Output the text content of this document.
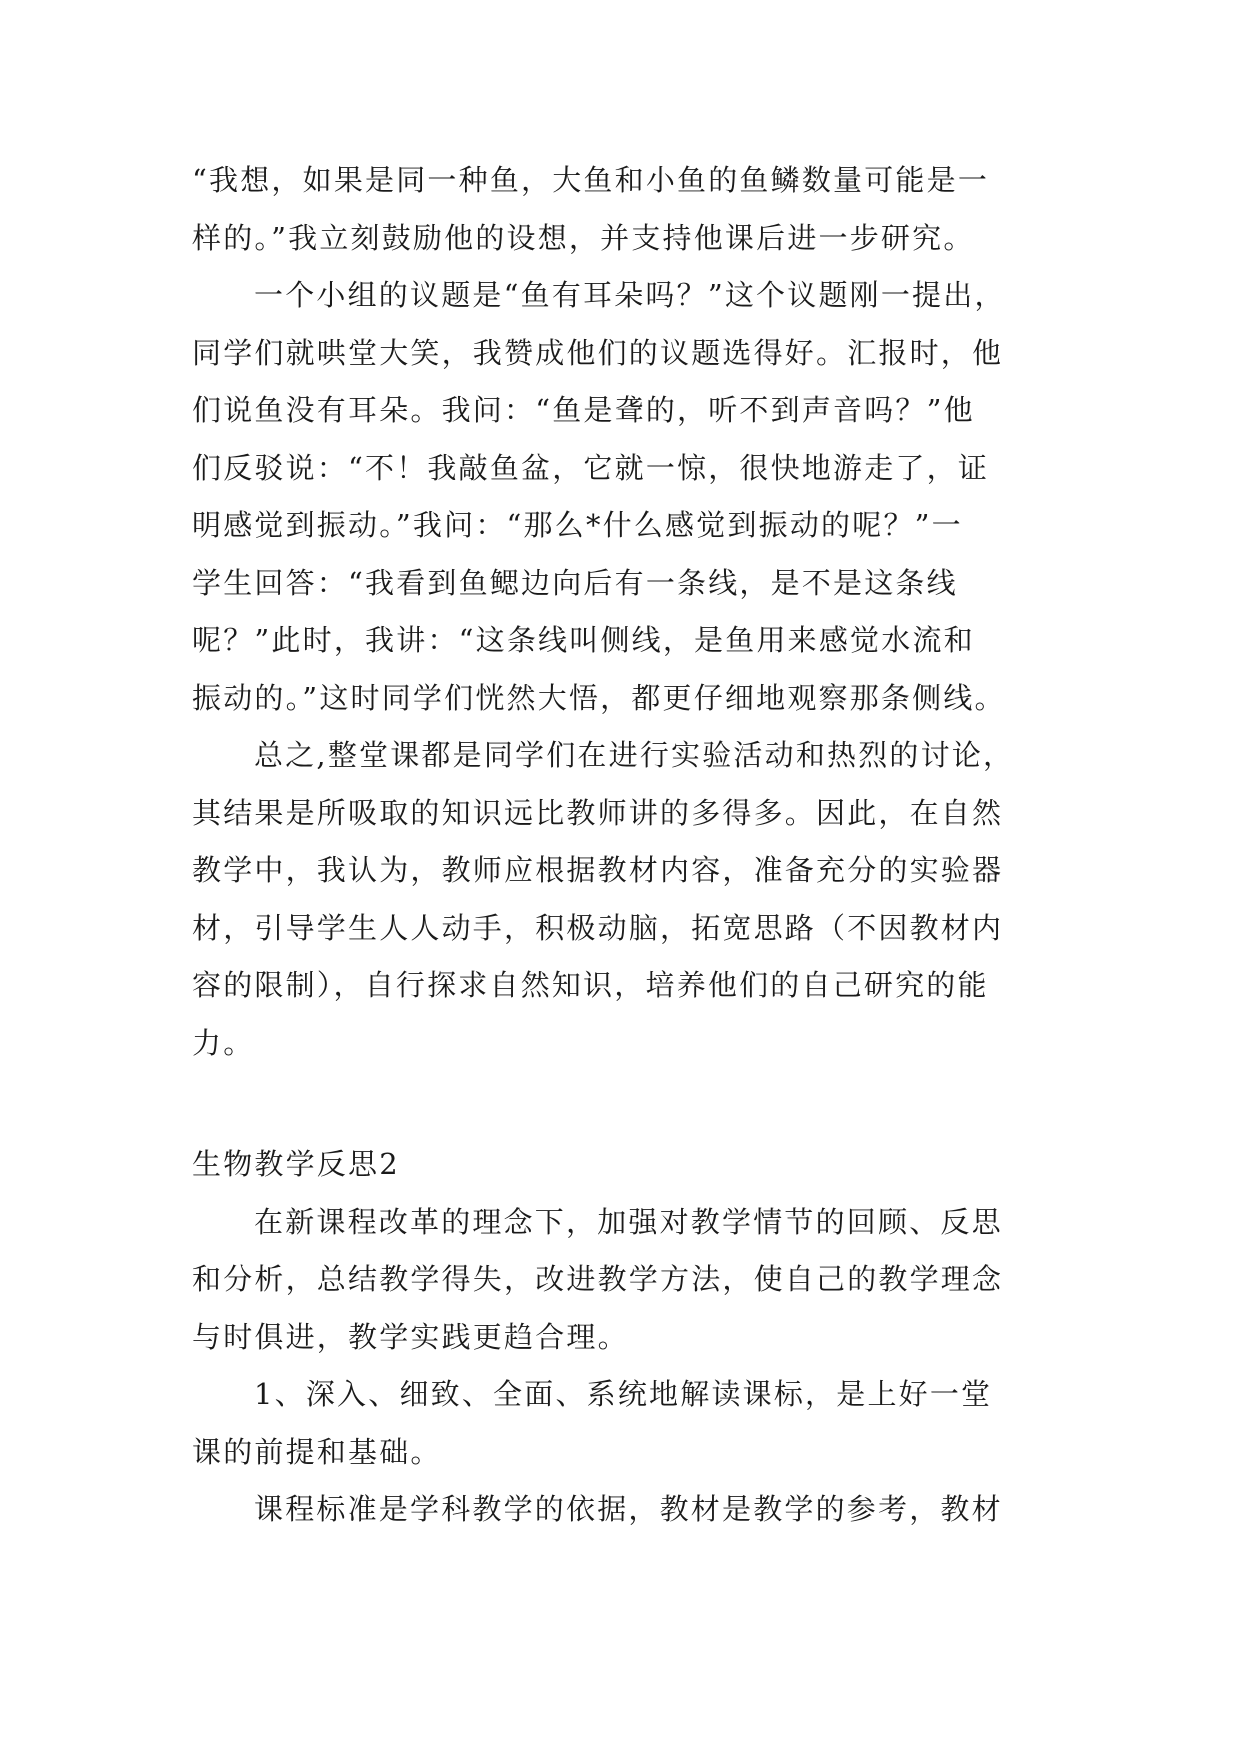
“我想，如果是同一种鱼，大鱼和小鱼的鱼鳞数量可能是一
样的。”我立刻鼓励他的设想，并支持他课后进一步研究。
一个小组的议题是“鱼有耳朵吗？”这个议题刚一提出，
同学们就哄堂大笑，我赞成他们的议题选得好。汇报时，他
们说鱼没有耳朵。我问：“鱼是聋的，听不到声音吗？”他
们反驳说：“不！我敲鱼盆，它就一惊，很快地游走了，证
明感觉到振动。”我问：“那么*什么感觉到振动的呢？”一
学生回答：“我看到鱼鳃边向后有一条线，是不是这条线
呢？”此时，我讲：“这条线叫侧线，是鱼用来感觉水流和
振动的。”这时同学们恍然大悟，都更仔细地观察那条侧线。
总之,整堂课都是同学们在进行实验活动和热烈的讨论，
其结果是所吸取的知识远比教师讲的多得多。因此，在自然
教学中，我认为，教师应根据教材内容，准备充分的实验器
材，引导学生人人动手，积极动脑，拓宽思路（不因教材内
容的限制），自行探求自然知识，培养他们的自己研究的能
力。
生物教学反思2
在新课程改革的理念下，加强对教学情节的回顾、反思
和分析，总结教学得失，改进教学方法，使自己的教学理念
与时俱进，教学实践更趋合理。
1、深入、细致、全面、系统地解读课标，是上好一堂
课的前提和基础。
课程标准是学科教学的依据，教材是教学的参考，教材
